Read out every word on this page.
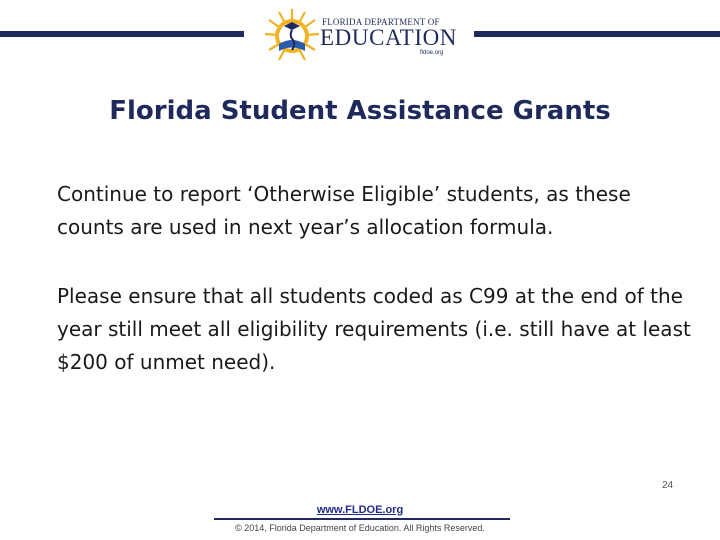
FLORIDA DEPARTMENT OF
EDUCATION
fldoe.org
Florida Student Assistance Grants
Continue to report ‘Otherwise Eligible’ students, as these counts are used in next year’s allocation formula.
Please ensure that all students coded as C99 at the end of the year still meet all eligibility requirements (i.e. still have at least $200 of unmet need).
www.FLDOE.org
© 2014, Florida Department of Education. All Rights Reserved.
24
